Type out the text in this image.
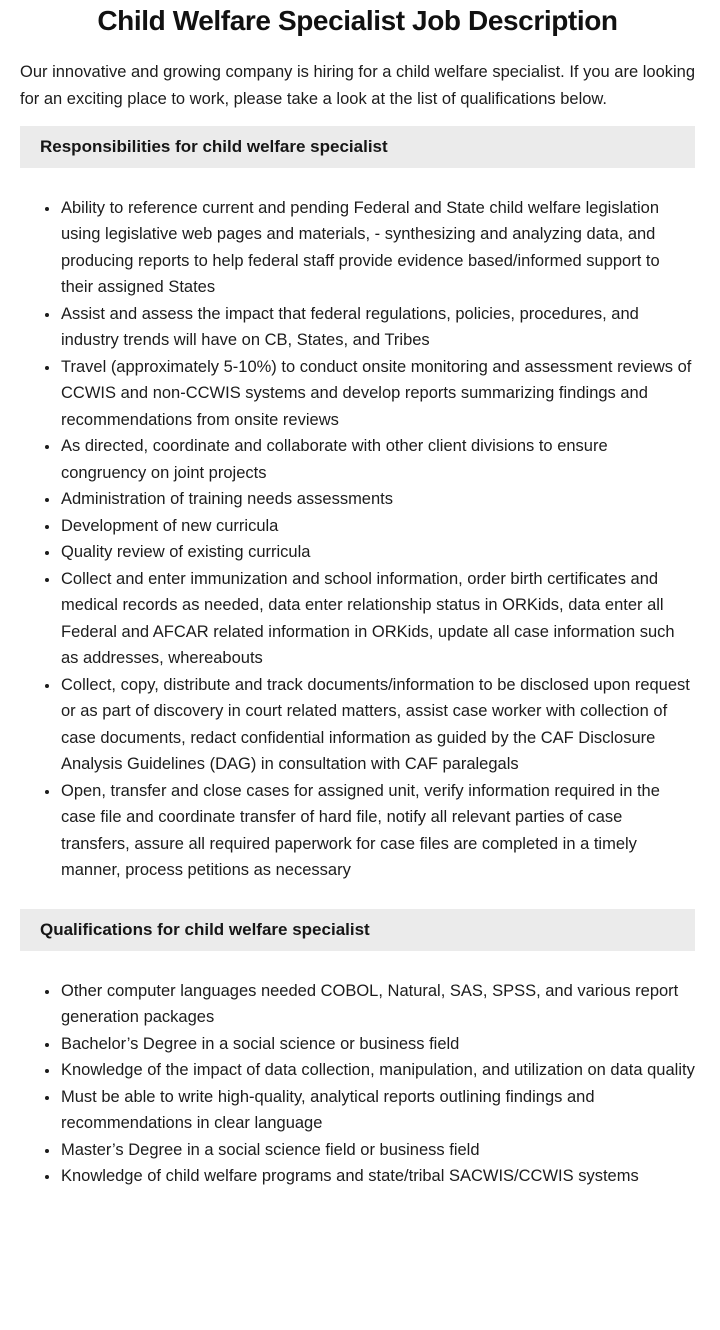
Child Welfare Specialist Job Description

Our innovative and growing company is hiring for a child welfare specialist. If you are looking for an exciting place to work, please take a look at the list of qualifications below.

Responsibilities for child welfare specialist
• Ability to reference current and pending Federal and State child welfare legislation using legislative web pages and materials, - synthesizing and analyzing data, and producing reports to help federal staff provide evidence based/informed support to their assigned States
• Assist and assess the impact that federal regulations, policies, procedures, and industry trends will have on CB, States, and Tribes
• Travel (approximately 5-10%) to conduct onsite monitoring and assessment reviews of CCWIS and non-CCWIS systems and develop reports summarizing findings and recommendations from onsite reviews
• As directed, coordinate and collaborate with other client divisions to ensure congruency on joint projects
• Administration of training needs assessments
• Development of new curricula
• Quality review of existing curricula
• Collect and enter immunization and school information, order birth certificates and medical records as needed, data enter relationship status in ORKids, data enter all Federal and AFCAR related information in ORKids, update all case information such as addresses, whereabouts
• Collect, copy, distribute and track documents/information to be disclosed upon request or as part of discovery in court related matters, assist case worker with collection of case documents, redact confidential information as guided by the CAF Disclosure Analysis Guidelines (DAG) in consultation with CAF paralegals
• Open, transfer and close cases for assigned unit, verify information required in the case file and coordinate transfer of hard file, notify all relevant parties of case transfers, assure all required paperwork for case files are completed in a timely manner, process petitions as necessary
Qualifications for child welfare specialist
• Other computer languages needed COBOL, Natural, SAS, SPSS, and various report generation packages
• Bachelor’s Degree in a social science or business field
• Knowledge of the impact of data collection, manipulation, and utilization on data quality
• Must be able to write high-quality, analytical reports outlining findings and recommendations in clear language
• Master’s Degree in a social science field or business field
• Knowledge of child welfare programs and state/tribal SACWIS/CCWIS systems
